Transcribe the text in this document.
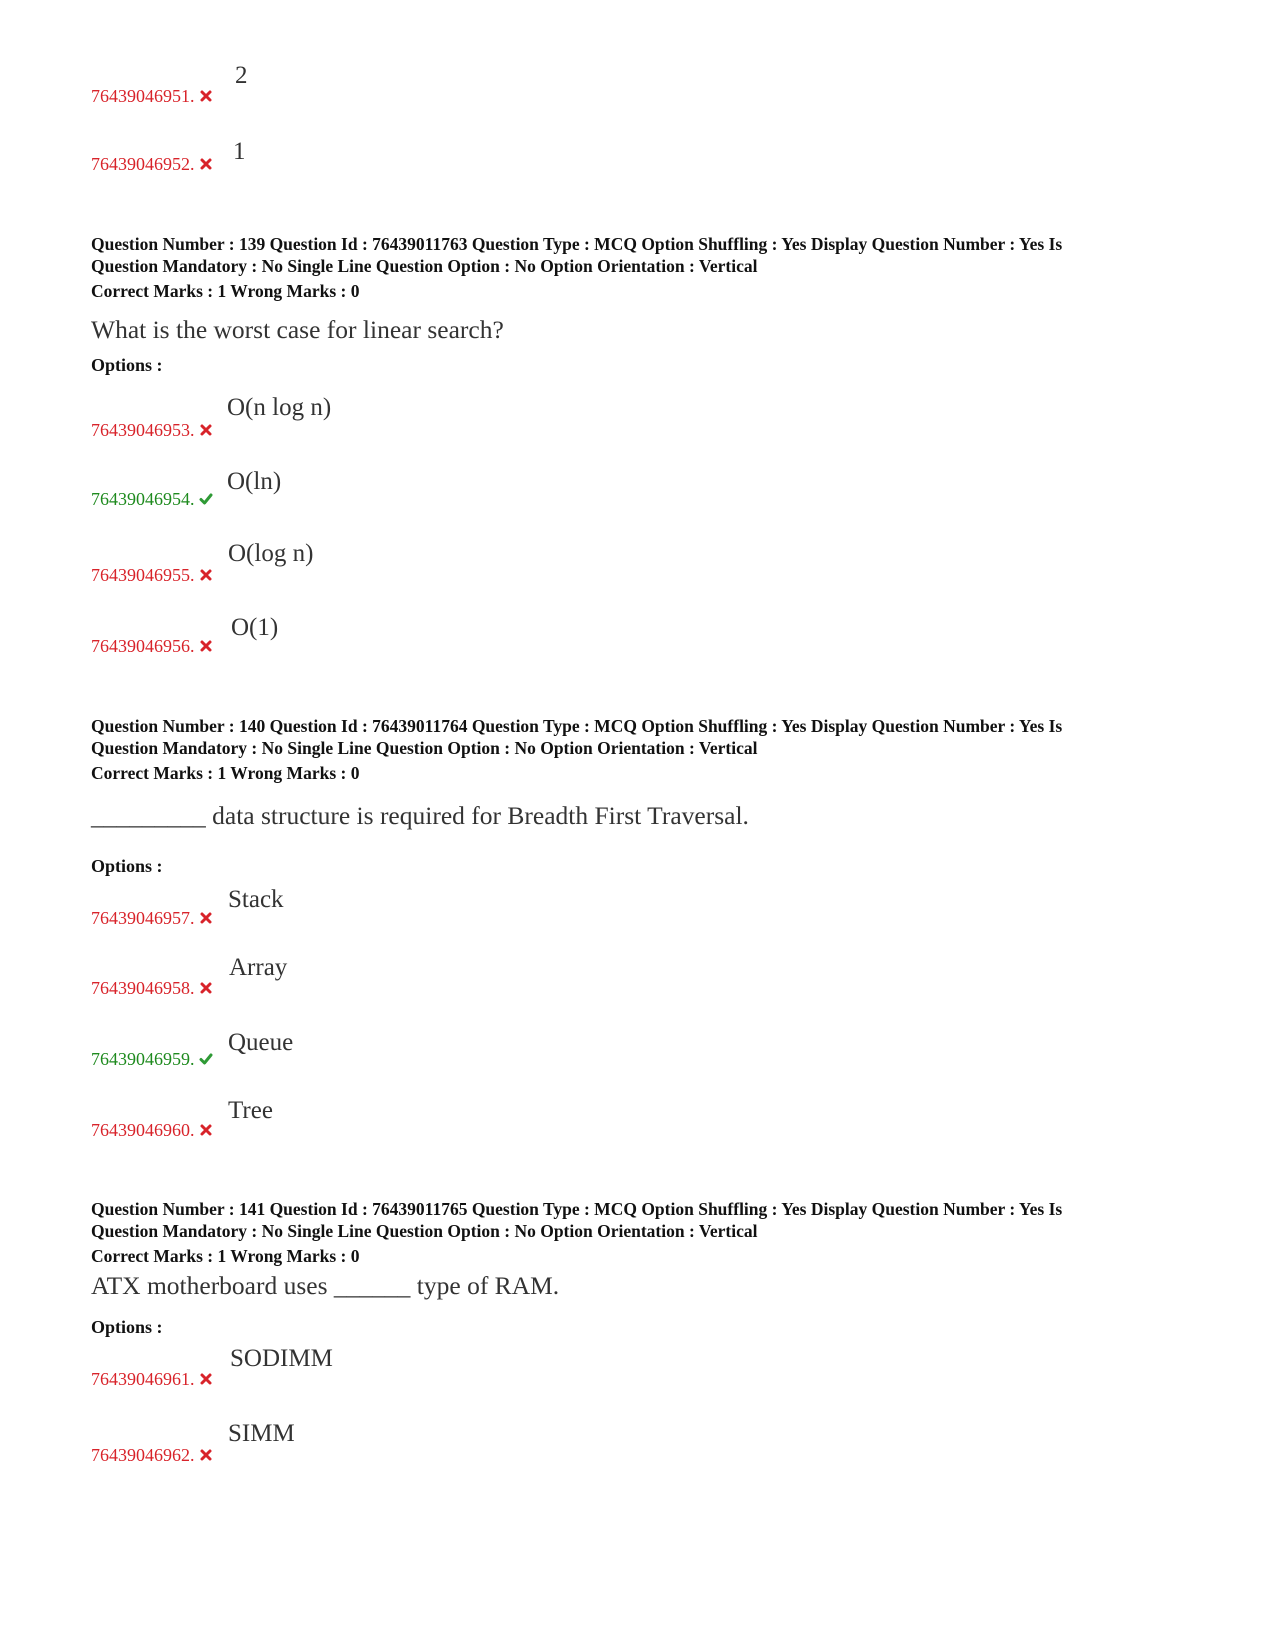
76439046951.
2
76439046952.	1
Question Number : 139 Question Id : 76439011763 Question Type : MCQ Option Shuffling : Yes Display Question Number : Yes Is
Question Mandatory : No Single Line Question Option : No Option Orientation : Vertical
Correct Marks : 1 Wrong Marks : 0
What is the worst case for linear search?
Options :
76439046953.
O(n log n)
76439046954.
O(ln)
76439046955.
O(log n)
76439046956.
O(1)
Question Number : 140 Question Id : 76439011764 Question Type : MCQ Option Shuffling : Yes Display Question Number : Yes Is
Question Mandatory : No Single Line Question Option : No Option Orientation : Vertical
Correct Marks : 1 Wrong Marks : 0
_________ data structure is required for Breadth First Traversal.
Options :
76439046957.
Stack
76439046958.
Array
76439046959.
Queue
76439046960.
Tree
Question Number : 141 Question Id : 76439011765 Question Type : MCQ Option Shuffling : Yes Display Question Number : Yes Is
Question Mandatory : No Single Line Question Option : No Option Orientation : Vertical
Correct Marks : 1 Wrong Marks : 0
ATX motherboard uses ______ type of RAM.
Options :
76439046961.
SODIMM
76439046962.
SIMM
